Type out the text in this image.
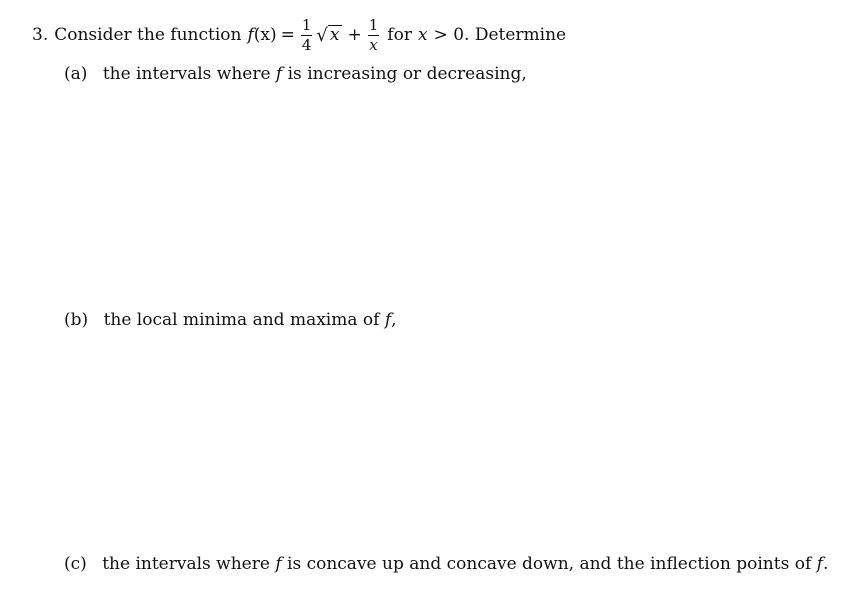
3. Consider the function f $(x) = \frac{1}{4}$ √ $x + \frac{1}{x}$ for x > 0. Determine
(a) the intervals where f is increasing or decreasing,
(b) the local minima and maxima of f,
(c) the intervals where f is concave up and concave down, and the inflection points of f.
